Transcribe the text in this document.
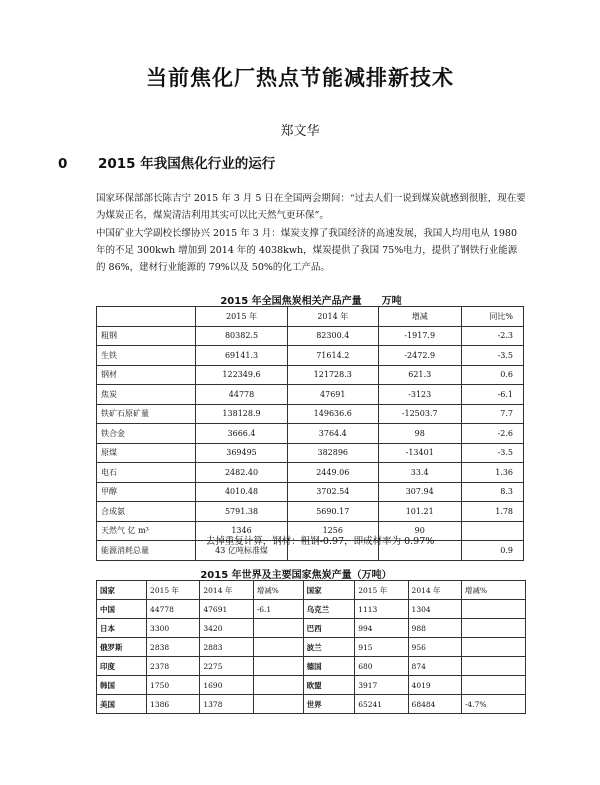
当前焦化厂热点节能减排新技术
郑文华
0 2015 年我国焦化行业的运行
国家环保部部长陈吉宁 2015 年 3 月 5 日在全国两会期间：“过去人们一说到煤炭就感到很脏，现在要为煤炭正名，煤炭清洁利用其实可以比天然气更环保”。
中国矿业大学副校长缪协兴 2015 年 3 月：煤炭支撑了我国经济的高速发展，我国人均用电从 1980 年的不足 300kwh 增加到 2014 年的 4038kwh，煤炭提供了我国 75%电力，提供了钢铁行业能源的 86%，建材行业能源的 79%以及 50%的化工产品。
2015 年全国焦炭相关产品产量　　万吨
	2015 年	2014 年	增减	同比%
粗钢	80382.5	82300.4	-1917.9	-2.3
生铁	69141.3	71614.2	-2472.9	-3.5
钢材	122349.6	121728.3	621.3	0.6
焦炭	44778	47691	-3123	-6.1
铁矿石原矿量	138128.9	149636.6	-12503.7	7.7
铁合金	3666.4	3764.4	98	-2.6
原煤	369495	382896	-13401	-3.5
电石	2482.40	2449.06	33.4	1.36
甲醇	4010.48	3702.54	307.94	8.3
合成氨	5791.38	5690.17	101.21	1.78
天然气 亿 m³	1346	1256	90	
能源消耗总量	43 亿吨标准煤			0.9
去掉重复计算，钢材：粗钢-0.97，即成材率为 0.97%
2015 年世界及主要国家焦炭产量（万吨）
国家	2015 年	2014 年	增减%	国家	2015 年	2014 年	增减%
中国	44778	47691	-6.1	乌克兰	1113	1304	
日本	3300	3420		巴西	994	988	
俄罗斯	2838	2883		波兰	915	956	
印度	2378	2275		德国	680	874	
韩国	1750	1690		欧盟	3917	4019	
美国	1386	1378		世界	65241	68484	-4.7%
